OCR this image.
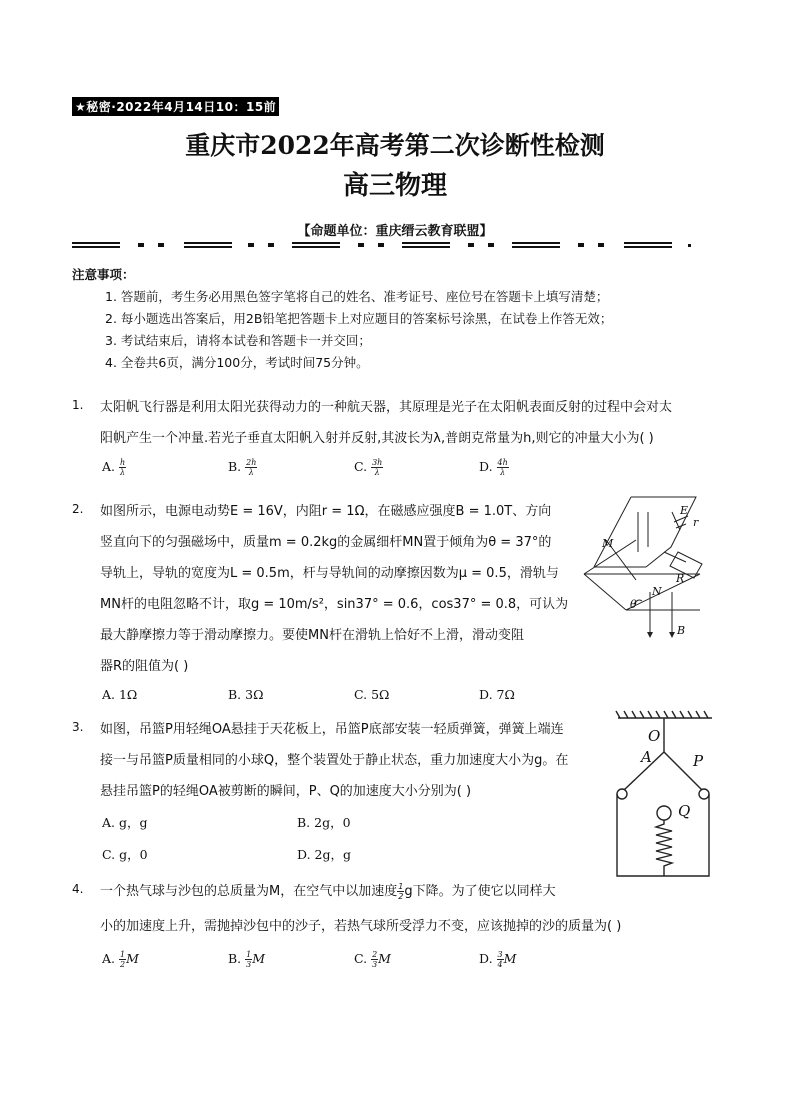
★秘密·2022年4月14日10：15前
重庆市2022年高考第二次诊断性检测
高三物理
【命题单位：重庆缙云教育联盟】
注意事项：
1. 答题前，考生务必用黑色签字笔将自己的姓名、准考证号、座位号在答题卡上填写清楚；
2. 每小题选出答案后，用2B铅笔把答题卡上对应题目的答案标号涂黑，在试卷上作答无效；
3. 考试结束后，请将本试卷和答题卡一并交回；
4. 全卷共6页，满分100分，考试时间75分钟。
1. 太阳帆飞行器是利用太阳光获得动力的一种航天器，其原理是光子在太阳帆表面反射的过程中会对太
阳帆产生一个冲量.若光子垂直太阳帆入射并反射,其波长为λ,普朗克常量为h,则它的冲量大小为( )
A. $\frac{h}{\lambda}$	B. $\frac{2h}{\lambda}$	C. $\frac{3h}{\lambda}$	D. $\frac{4h}{\lambda}$
2. 如图所示，电源电动势E = 16V，内阻r = 1Ω，在磁感应强度B = 1.0T、方向
竖直向下的匀强磁场中，质量m = 0.2kg的金属细杆MN置于倾角为θ = 37°的
导轨上，导轨的宽度为L = 0.5m，杆与导轨间的动摩擦因数为μ = 0.5，滑轨与
MN杆的电阻忽略不计，取g = 10m/s²，sin37° = 0.6，cos37° = 0.8，可认为
最大静摩擦力等于滑动摩擦力。要使MN杆在滑轨上恰好不上滑，滑动变阻
器R的阻值为( )
A. 1Ω	B. 3Ω	C. 5Ω	D. 7Ω
E
r
M
R
N
θ
B
3. 如图，吊篮P用轻绳OA悬挂于天花板上，吊篮P底部安装一轻质弹簧，弹簧上端连
接一与吊篮P质量相同的小球Q，整个装置处于静止状态，重力加速度大小为g。在
悬挂吊篮P的轻绳OA被剪断的瞬间，P、Q的加速度大小分别为( )
A. g，g	B. 2g，0
C. g，0	D. 2g，g
O
A	P
Q
4. 一个热气球与沙包的总质量为M，在空气中以加速度 $\frac{1}{2}$ g下降。为了使它以同样大
小的加速度上升，需抛掉沙包中的沙子，若热气球所受浮力不变，应该抛掉的沙的质量为( )
A. $\frac{1}{2}$ M	B. $\frac{1}{3}$ M	C. $\frac{2}{3}$ M	D. $\frac{3}{4}$ M
